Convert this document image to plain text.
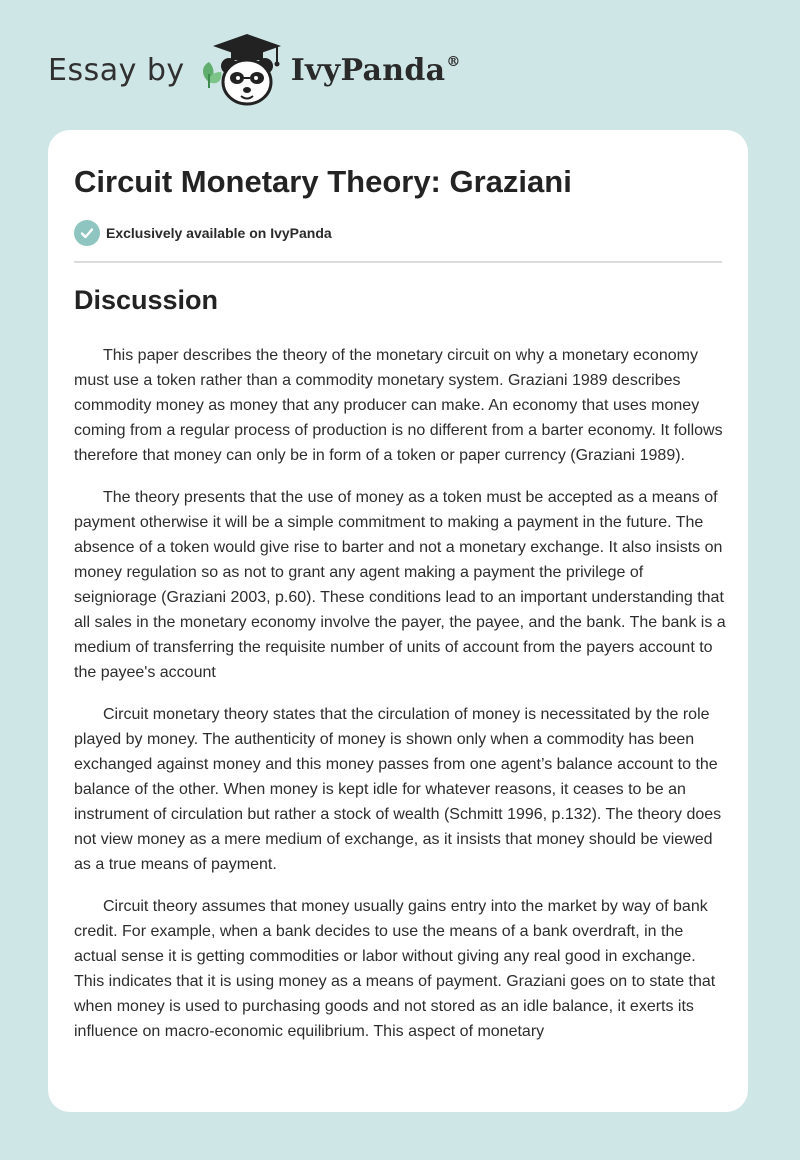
Essay by	IvyPanda®
Circuit Monetary Theory: Graziani
Exclusively available on IvyPanda
Discussion

This paper describes the theory of the monetary circuit on why a monetary economy must use a token rather than a commodity monetary system. Graziani 1989 describes commodity money as money that any producer can make. An economy that uses money coming from a regular process of production is no different from a barter economy. It follows therefore that money can only be in form of a token or paper currency (Graziani 1989).

The theory presents that the use of money as a token must be accepted as a means of payment otherwise it will be a simple commitment to making a payment in the future. The absence of a token would give rise to barter and not a monetary exchange. It also insists on money regulation so as not to grant any agent making a payment the privilege of seigniorage (Graziani 2003, p.60). These conditions lead to an important understanding that all sales in the monetary economy involve the payer, the payee, and the bank. The bank is a medium of transferring the requisite number of units of account from the payers account to the payee's account

Circuit monetary theory states that the circulation of money is necessitated by the role played by money. The authenticity of money is shown only when a commodity has been exchanged against money and this money passes from one agent’s balance account to the balance of the other. When money is kept idle for whatever reasons, it ceases to be an instrument of circulation but rather a stock of wealth (Schmitt 1996, p.132). The theory does not view money as a mere medium of exchange, as it insists that money should be viewed as a true means of payment.

Circuit theory assumes that money usually gains entry into the market by way of bank credit. For example, when a bank decides to use the means of a bank overdraft, in the actual sense it is getting commodities or labor without giving any real good in exchange. This indicates that it is using money as a means of payment. Graziani goes on to state that when money is used to purchasing goods and not stored as an idle balance, it exerts its influence on macro-economic equilibrium. This aspect of monetary
